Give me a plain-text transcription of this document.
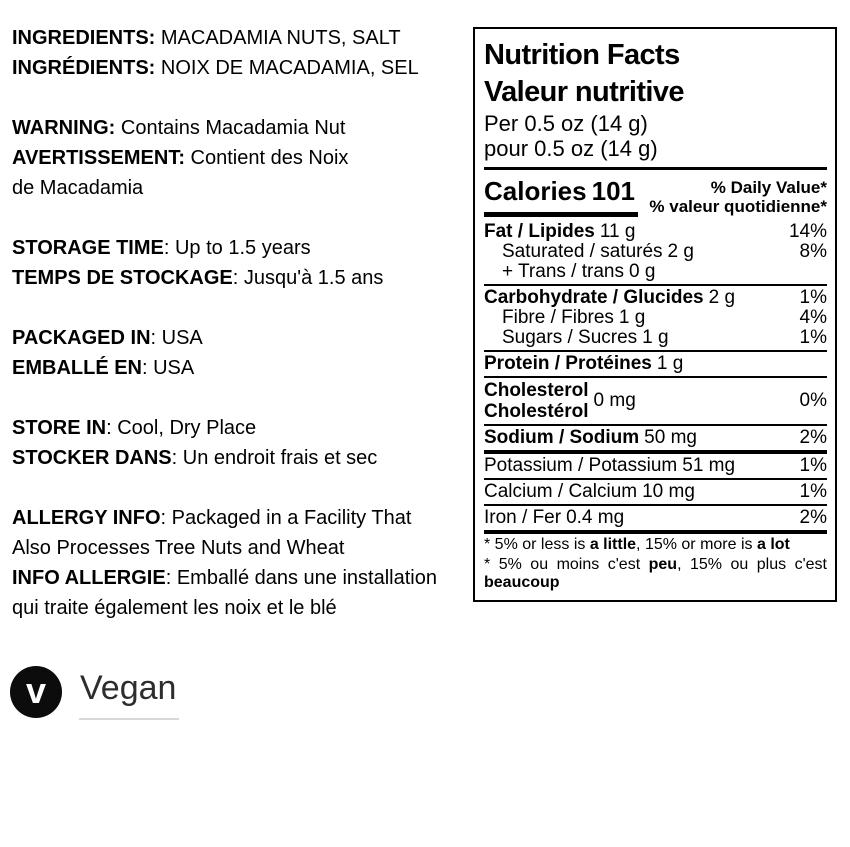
INGREDIENTS: MACADAMIA NUTS, SALT
INGRÉDIENTS: NOIX DE MACADAMIA, SEL

WARNING: Contains Macadamia Nut
AVERTISSEMENT: Contient des Noix
de Macadamia

STORAGE TIME: Up to 1.5 years
TEMPS DE STOCKAGE: Jusqu'à 1.5 ans

PACKAGED IN: USA
EMBALLÉ EN: USA

STORE IN: Cool, Dry Place
STOCKER DANS: Un endroit frais et sec

ALLERGY INFO: Packaged in a Facility That
Also Processes Tree Nuts and Wheat
INFO ALLERGIE: Emballé dans une installation
qui traite également les noix et le blé

Nutrition Facts
Valeur nutritive
Per 0.5 oz (14 g)
pour 0.5 oz (14 g)
Calories 101	% Daily Value*
% valeur quotidienne*
Fat / Lipides 11 g	14%
Saturated / saturés 2 g	8%
+ Trans / trans 0 g
Carbohydrate / Glucides 2 g	1%
Fibre / Fibres 1 g	4%
Sugars / Sucres 1 g	1%
Protein / Protéines 1 g
Cholesterol
Cholestérol
0 mg	0%
Sodium / Sodium 50 mg	2%
Potassium / Potassium 51 mg	1%
Calcium / Calcium 10 mg	1%
Iron / Fer 0.4 mg	2%

* 5% or less is a little, 15% or more is a lot

* 5% ou moins c'est peu, 15% ou plus c'est beaucoup

v Vegan
